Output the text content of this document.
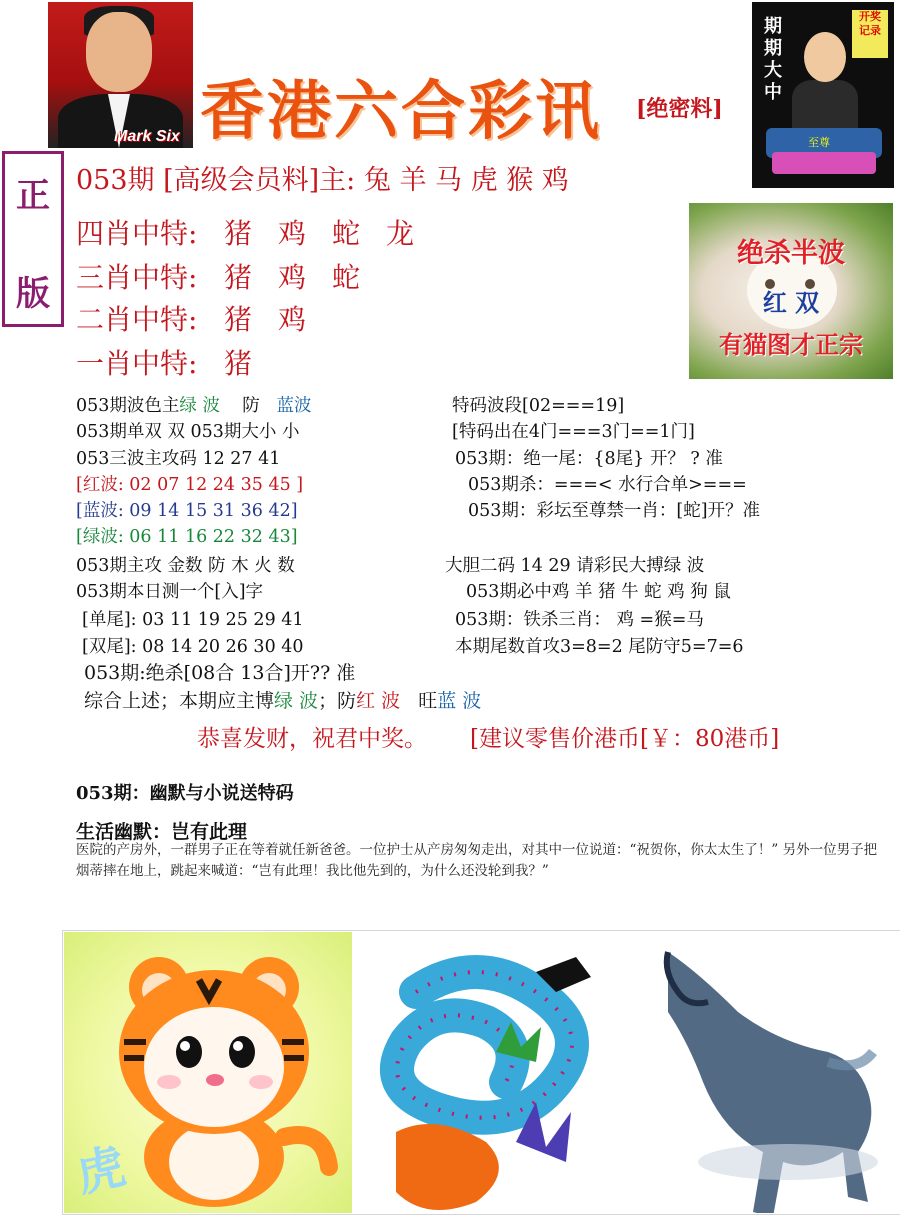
Mark Six 香港六合彩讯 [绝密料]
期期大中
开奖 记录
至尊
正
版
053期 [高级会员料]主: 兔 羊 马 虎 猴 鸡
四肖中特: 猪 鸡 蛇 龙
三肖中特: 猪 鸡 蛇
二肖中特: 猪 鸡
一肖中特: 猪
绝杀半波
红 双
有猫图才正宗
053期波色主绿 波 防 蓝波
053期单双 双 053期大小 小
053三波主攻码 12 27 41
[红波: 02 07 12 24 35 45 ]
[蓝波: 09 14 15 31 36 42]
[绿波: 06 11 16 22 32 43]
053期主攻 金数 防 木 火 数
053期本日测一个[入]字
[单尾]: 03 11 19 25 29 41
[双尾]: 08 14 20 26 30 40
053期:绝杀[08合 13合]开?? 准
综合上述；本期应主博绿 波；防红 波 旺蓝 波
特码波段[02===19]
[特码出在4门===3门==1门]
053期：绝一尾：{8尾} 开？ ? 准
053期杀：===< 水行合单>===
053期：彩坛至尊禁一肖：[蛇]开？准
大胆二码 14 29 请彩民大搏绿 波
053期必中鸡 羊 猪 牛 蛇 鸡 狗 鼠
053期：铁杀三肖： 鸡 =猴=马
本期尾数首攻3=8=2 尾防守5=7=6
恭喜发财，祝君中奖。 [建议零售价港币[￥：80港币]
053期：幽默与小说送特码
生活幽默：岂有此理
医院的产房外，一群男子正在等着就任新爸爸。一位护士从产房匆匆走出，对其中一位说道：“祝贺你，你太太生了！” 另外一位男子把烟蒂摔在地上，跳起来喊道：“岂有此理！我比他先到的，为什么还没轮到我？”
虎
